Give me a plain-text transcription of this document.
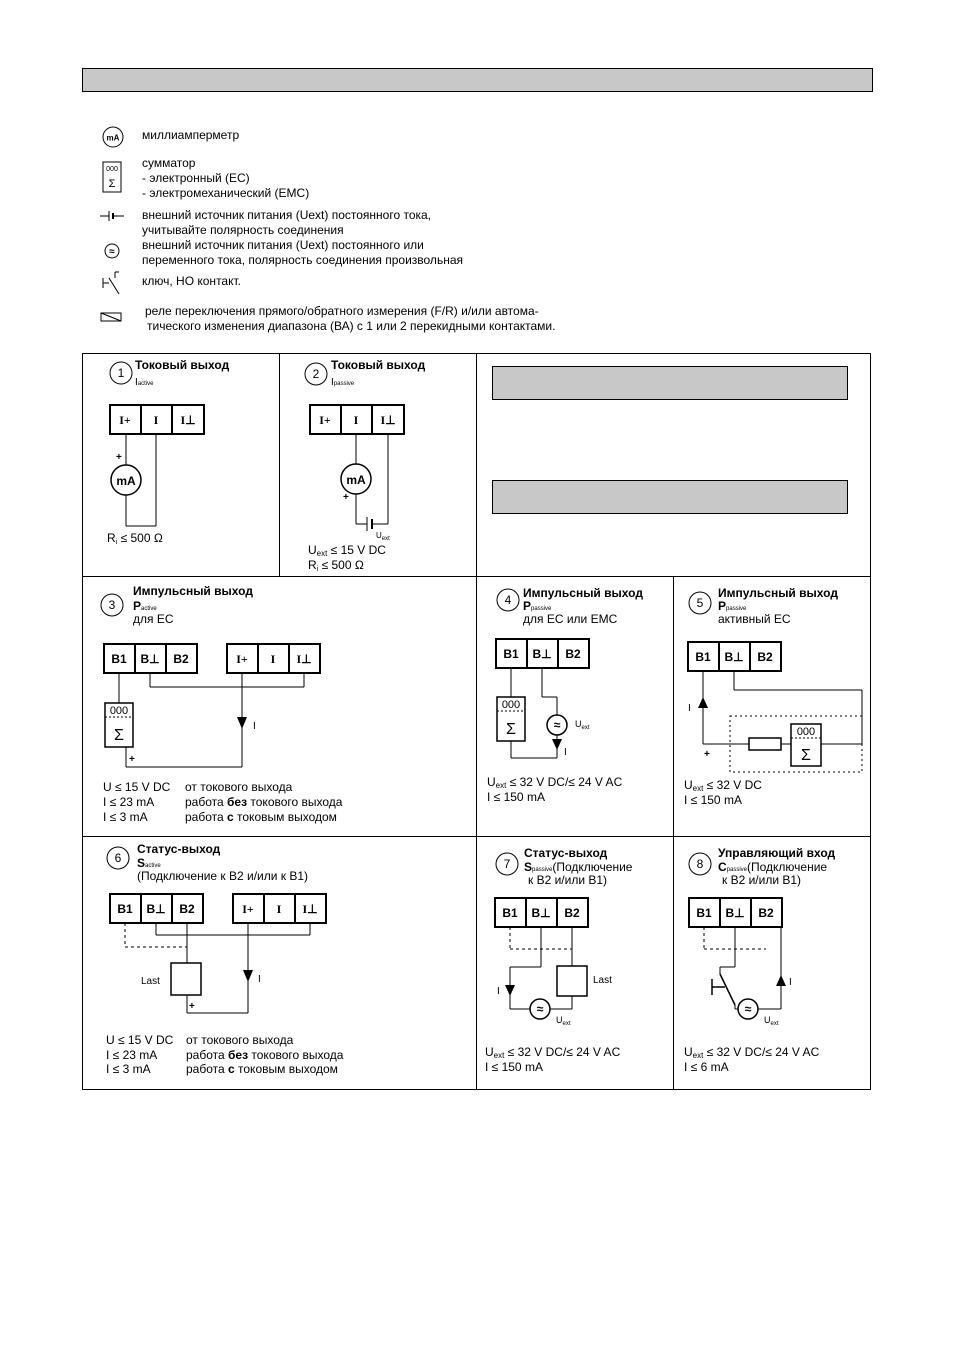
mA миллиамперметр
000
Σ
сумматор
- электронный (ЕС)
- электромеханический (ЕМС)
внешний источник питания (Uext) постоянного тока,
учитывайте полярность соединения
≈ внешний источник питания (Uext) постоянного или
переменного тока, полярность соединения произвольная
ключ, НО контакт.
реле переключения прямого/обратного измерения (F/R) и/или автома-
тического изменения диапазона (ВА) с 1 или 2 перекидными контактами.
1
Токовый выход
Iactive
I+ I I⊥
+
mA
Ri ≤ 500 Ω
2
Токовый выход
Ipassive
I+ I I⊥
mA
+
$U_{ext}$
Uext ≤ 15 V DC
Ri ≤ 500 Ω
3
Импульсный выход
Pactive
для ЕС
B1 B⊥ B2	I+ I I⊥
I
000
Σ
+
U ≤ 15 V DC от токового выхода
I ≤ 23 mA	работа без токового выхода
I ≤ 3 mA	работа с токовым выходом
4 Импульсный выход
Ppassive
для ЕС или ЕМС
B1 B⊥ B2
000
Σ	≈ $U_{ext}$
I
Uext ≤ 32 V DC/≤ 24 V AC
I ≤ 150 mA
5
Импульсный выход
Ppassive
активный ЕС
B1 B⊥ B2
I
+
000
Σ
Uext ≤ 32 V DC
I ≤ 150 mA
6
Статус-выход
Sactive
(Подключение к В2 и/или к В1)
B1 B⊥ B2	I+ I I⊥
Last
+
I
U ≤ 15 V DC от токового выхода
I ≤ 23 mA работа без токового выхода
I ≤ 3 mA	работа с токовым выходом
7
Статус-выход
Spassive(Подключение
к В2 и/или В1)
B1 B⊥ B2
I
≈
$U_{ext}$
Last
Uext ≤ 32 V DC/≤ 24 V AC
I ≤ 150 mA
8
Управляющий вход
Cpassive(Подключение
к В2 и/или В1)
B1 B⊥ B2
≈
$U_{ext}$
I
Uext ≤ 32 V DC/≤ 24 V AC
I ≤ 6 mA
